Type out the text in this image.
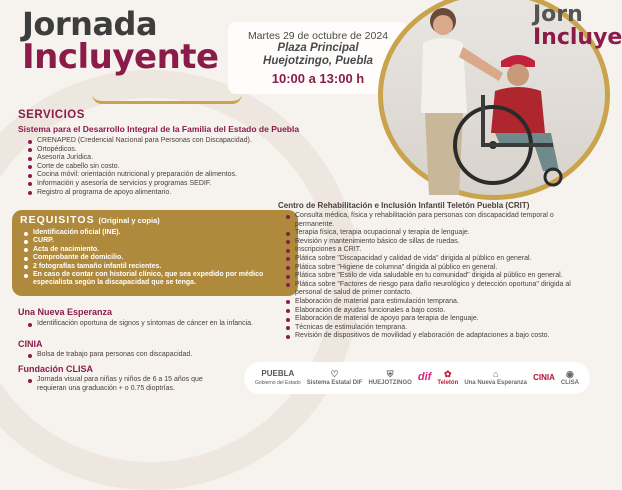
Jornada
Incluyente
Martes 29 de octubre de 2024
Plaza Principal
Huejotzingo, Puebla
10:00 a 13:00 h
Jorn
Incluye
SERVICIOS
Sistema para el Desarrollo Integral de la Familia del Estado de Puebla
CRENAPED (Credencial Nacional para Personas con Discapacidad).
Ortopédicos.
Asesoría Jurídica.
Corte de cabello sin costo.
Cocina móvil: orientación nutricional y preparación de alimentos.
Información y asesoría de servicios y programas SEDIF.
Registro al programa de apoyo alimentario.
REQUISITOS (Original y copia)
Identificación oficial (INE).
CURP.
Acta de nacimiento.
Comprobante de domicilio.
2 fotografías tamaño infantil recientes.
En caso de contar con historial clínico, que sea expedido por médico especialista según la discapacidad que se tenga.
Una Nueva Esperanza
Identificación oportuna de signos y síntomas de cáncer en la infancia.
CINIA
Bolsa de trabajo para personas con discapacidad.
Fundación CLISA
Jornada visual para niñas y niños de 6 a 15 años que requieran una graduación + o 0.75 dioptrías.
Centro de Rehabilitación e Inclusión Infantil Teletón Puebla (CRIT)
Consulta médica, física y rehabilitación para personas con discapacidad temporal o permanente.
Terapia física, terapia ocupacional y terapia de lenguaje.
Revisión y mantenimiento básico de sillas de ruedas.
Inscripciones a CRIT.
Plática sobre "Discapacidad y calidad de vida" dirigida al público en general.
Plática sobre "Higiene de columna" dirigida al público en general.
Plática sobre "Estilo de vida saludable en tu comunidad" dirigida al público en general.
Plática sobre "Factores de riesgo para daño neurológico y detección oportuna" dirigida al personal de salud de primer contacto.
Elaboración de material para estimulación temprana.
Elaboración de ayudas funcionales a bajo costo.
Elaboración de material de apoyo para terapia de lenguaje.
Técnicas de estimulación temprana.
Revisión de dispositivos de movilidad y elaboración de adaptaciones a bajo costo.
PUEBLA
Gobierno del Estado
♡
Sistema Estatal DIF
⛨
HUEJOTZINGO dif	✿
Teletón
⌂
Una Nueva Esperanza
CINIA	◉
CLISA
